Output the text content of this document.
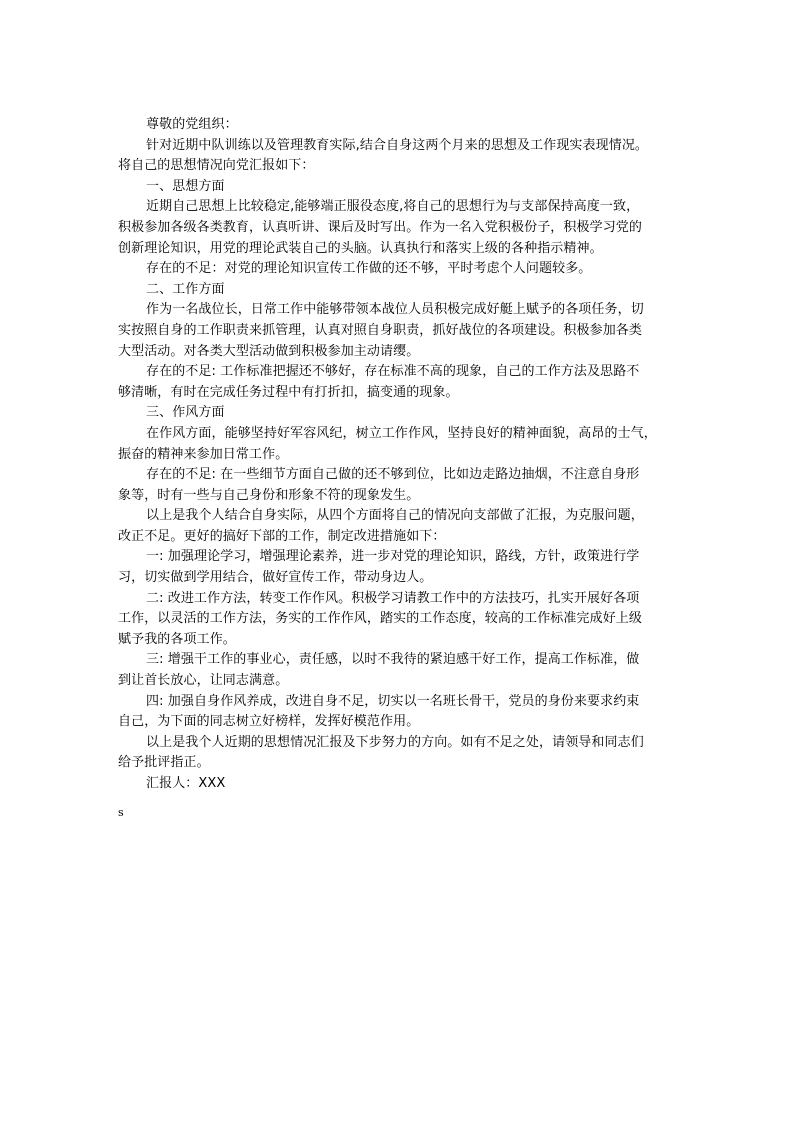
尊敬的党组织：
针对近期中队训练以及管理教育实际,结合自身这两个月来的思想及工作现实表现情况。
将自己的思想情况向党汇报如下：
一、思想方面
近期自己思想上比较稳定,能够端正服役态度,将自己的思想行为与支部保持高度一致，
积极参加各级各类教育，认真听讲、课后及时写出。作为一名入党积极份子，积极学习党的
创新理论知识，用党的理论武装自己的头脑。认真执行和落实上级的各种指示精神。
存在的不足：对党的理论知识宣传工作做的还不够，平时考虑个人问题较多。
二、工作方面
作为一名战位长，日常工作中能够带领本战位人员积极完成好艇上赋予的各项任务，切
实按照自身的工作职责来抓管理，认真对照自身职责，抓好战位的各项建设。积极参加各类
大型活动。对各类大型活动做到积极参加主动请缨。
存在的不足: 工作标准把握还不够好，存在标准不高的现象，自己的工作方法及思路不
够清晰，有时在完成任务过程中有打折扣，搞变通的现象。
三、作风方面
在作风方面，能够坚持好军容风纪，树立工作作风，坚持良好的精神面貌，高昂的士气，
振奋的精神来参加日常工作。
存在的不足: 在一些细节方面自己做的还不够到位，比如边走路边抽烟，不注意自身形
象等，时有一些与自己身份和形象不符的现象发生。
以上是我个人结合自身实际，从四个方面将自己的情况向支部做了汇报，为克服问题，
改正不足。更好的搞好下部的工作，制定改进措施如下：
一: 加强理论学习，增强理论素养，进一步对党的理论知识，路线，方针，政策进行学
习，切实做到学用结合，做好宣传工作，带动身边人。
二: 改进工作方法，转变工作作风。积极学习请教工作中的方法技巧，扎实开展好各项
工作，以灵活的工作方法，务实的工作作风，踏实的工作态度，较高的工作标准完成好上级
赋予我的各项工作。
三: 增强干工作的事业心，责任感，以时不我待的紧迫感干好工作，提高工作标准，做
到让首长放心，让同志满意。
四: 加强自身作风养成，改进自身不足，切实以一名班长骨干，党员的身份来要求约束
自己，为下面的同志树立好榜样，发挥好模范作用。
以上是我个人近期的思想情况汇报及下步努力的方向。如有不足之处，请领导和同志们
给予批评指正。
汇报人：XXX
s
